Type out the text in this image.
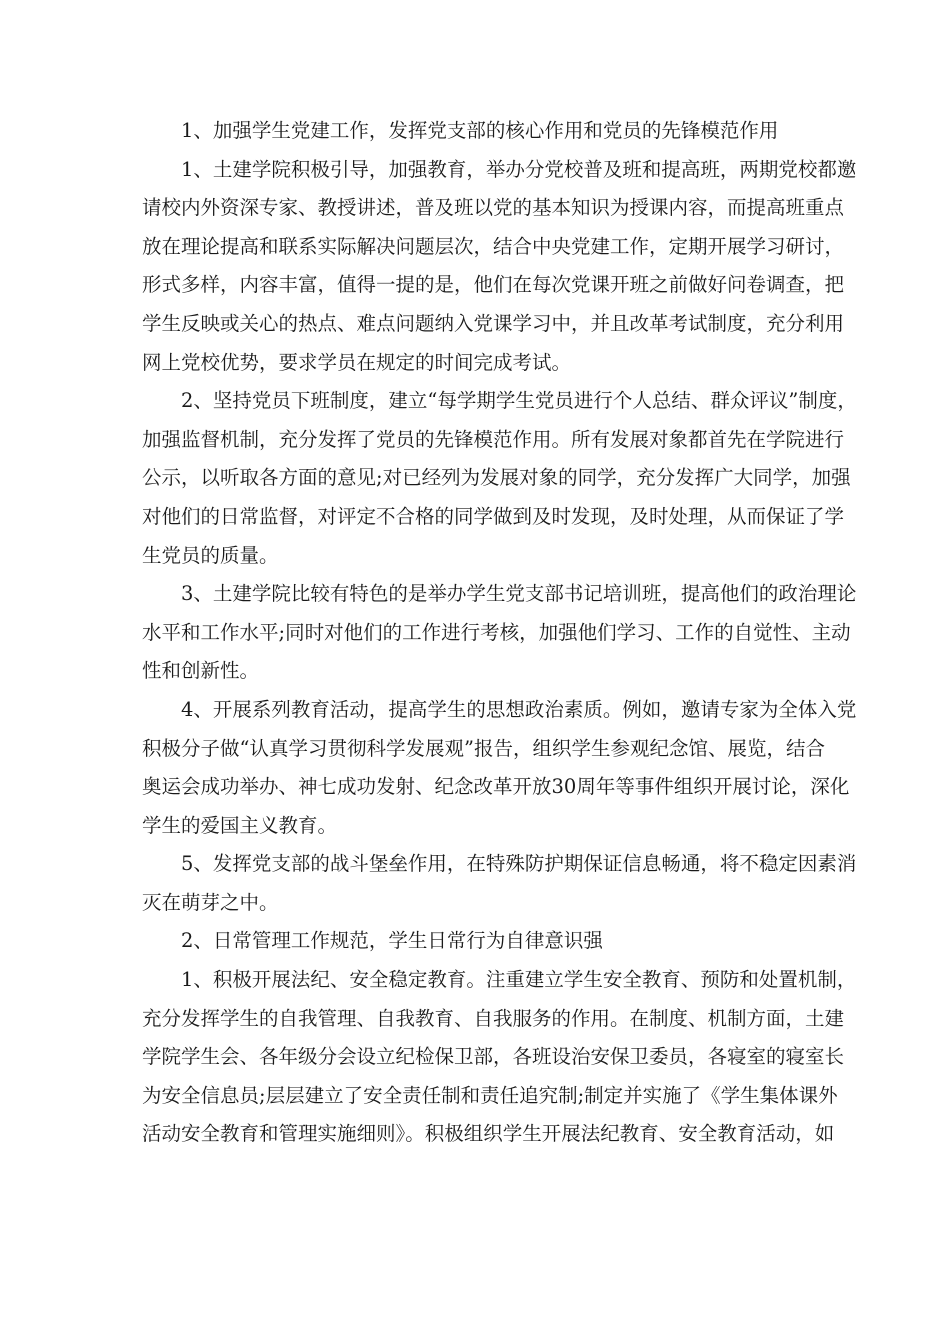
1、加强学生党建工作，发挥党支部的核心作用和党员的先锋模范作用
1、土建学院积极引导，加强教育，举办分党校普及班和提高班，两期党校都邀
请校内外资深专家、教授讲述，普及班以党的基本知识为授课内容，而提高班重点
放在理论提高和联系实际解决问题层次，结合中央党建工作，定期开展学习研讨，
形式多样，内容丰富，值得一提的是，他们在每次党课开班之前做好问卷调查，把
学生反映或关心的热点、难点问题纳入党课学习中，并且改革考试制度，充分利用
网上党校优势，要求学员在规定的时间完成考试。
2、坚持党员下班制度，建立“每学期学生党员进行个人总结、群众评议”制度，
加强监督机制，充分发挥了党员的先锋模范作用。所有发展对象都首先在学院进行
公示，以听取各方面的意见;对已经列为发展对象的同学，充分发挥广大同学，加强
对他们的日常监督，对评定不合格的同学做到及时发现，及时处理，从而保证了学
生党员的质量。
3、土建学院比较有特色的是举办学生党支部书记培训班，提高他们的政治理论
水平和工作水平;同时对他们的工作进行考核，加强他们学习、工作的自觉性、主动
性和创新性。
4、开展系列教育活动，提高学生的思想政治素质。例如，邀请专家为全体入党
积极分子做“认真学习贯彻科学发展观”报告，组织学生参观纪念馆、展览，结合
奥运会成功举办、神七成功发射、纪念改革开放30周年等事件组织开展讨论，深化
学生的爱国主义教育。
5、发挥党支部的战斗堡垒作用，在特殊防护期保证信息畅通，将不稳定因素消
灭在萌芽之中。
2、日常管理工作规范，学生日常行为自律意识强
1、积极开展法纪、安全稳定教育。注重建立学生安全教育、预防和处置机制，
充分发挥学生的自我管理、自我教育、自我服务的作用。在制度、机制方面，土建
学院学生会、各年级分会设立纪检保卫部，各班设治安保卫委员，各寝室的寝室长
为安全信息员;层层建立了安全责任制和责任追究制;制定并实施了《学生集体课外
活动安全教育和管理实施细则》。积极组织学生开展法纪教育、安全教育活动，如
